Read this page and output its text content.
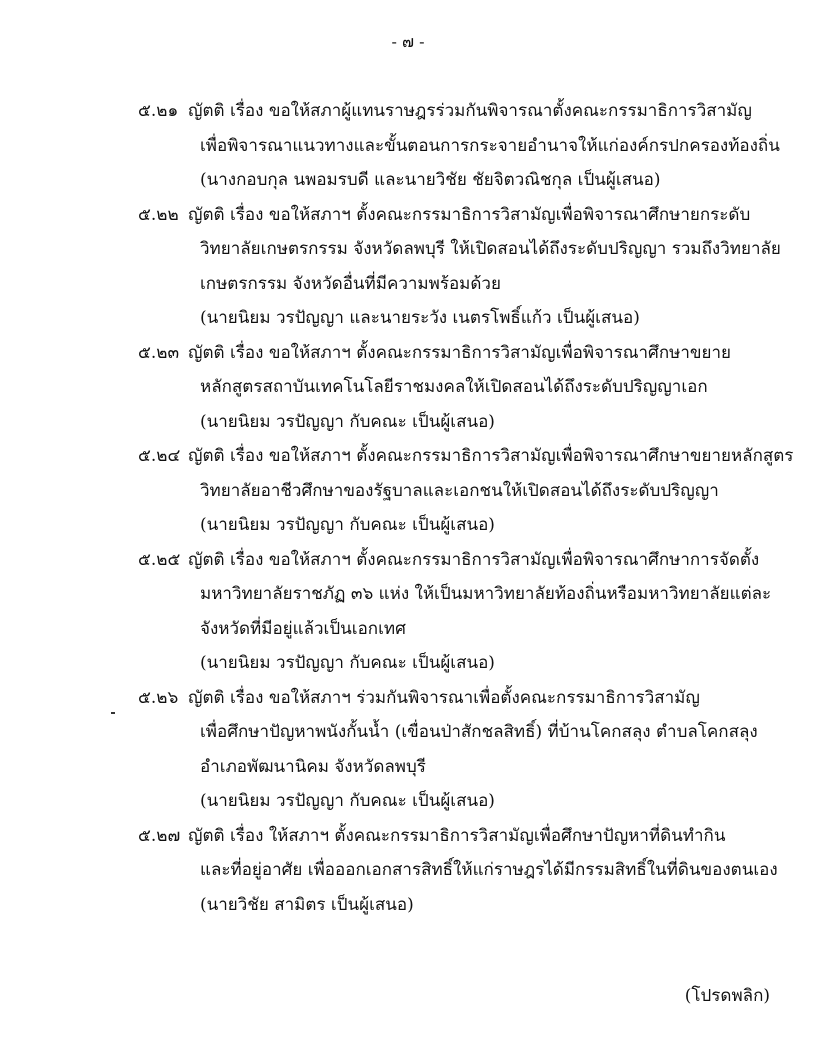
- ๗ -
๕.๒๑ ญัตติ เรื่อง ขอให้สภาผู้แทนราษฎรร่วมกันพิจารณาตั้งคณะกรรมาธิการวิสามัญ
เพื่อพิจารณาแนวทางและขั้นตอนการกระจายอำนาจให้แก่องค์กรปกครองท้องถิ่น
(นางกอบกุล นพอมรบดี และนายวิชัย ชัยจิตวณิชกุล เป็นผู้เสนอ)
๕.๒๒ ญัตติ เรื่อง ขอให้สภาฯ ตั้งคณะกรรมาธิการวิสามัญเพื่อพิจารณาศึกษายกระดับ
วิทยาลัยเกษตรกรรม จังหวัดลพบุรี ให้เปิดสอนได้ถึงระดับปริญญา รวมถึงวิทยาลัย
เกษตรกรรม จังหวัดอื่นที่มีความพร้อมด้วย
(นายนิยม วรปัญญา และนายระวัง เนตรโพธิ์แก้ว เป็นผู้เสนอ)
๕.๒๓ ญัตติ เรื่อง ขอให้สภาฯ ตั้งคณะกรรมาธิการวิสามัญเพื่อพิจารณาศึกษาขยาย
หลักสูตรสถาบันเทคโนโลยีราชมงคลให้เปิดสอนได้ถึงระดับปริญญาเอก
(นายนิยม วรปัญญา กับคณะ เป็นผู้เสนอ)
๕.๒๔ ญัตติ เรื่อง ขอให้สภาฯ ตั้งคณะกรรมาธิการวิสามัญเพื่อพิจารณาศึกษาขยายหลักสูตร
วิทยาลัยอาชีวศึกษาของรัฐบาลและเอกชนให้เปิดสอนได้ถึงระดับปริญญา
(นายนิยม วรปัญญา กับคณะ เป็นผู้เสนอ)
๕.๒๕ ญัตติ เรื่อง ขอให้สภาฯ ตั้งคณะกรรมาธิการวิสามัญเพื่อพิจารณาศึกษาการจัดตั้ง
มหาวิทยาลัยราชภัฏ ๓๖ แห่ง ให้เป็นมหาวิทยาลัยท้องถิ่นหรือมหาวิทยาลัยแต่ละ
จังหวัดที่มีอยู่แล้วเป็นเอกเทศ
(นายนิยม วรปัญญา กับคณะ เป็นผู้เสนอ)
๕.๒๖ ญัตติ เรื่อง ขอให้สภาฯ ร่วมกันพิจารณาเพื่อตั้งคณะกรรมาธิการวิสามัญ
เพื่อศึกษาปัญหาพนังกั้นน้ำ (เขื่อนป่าสักชลสิทธิ์) ที่บ้านโคกสลุง ตำบลโคกสลุง
อำเภอพัฒนานิคม จังหวัดลพบุรี
(นายนิยม วรปัญญา กับคณะ เป็นผู้เสนอ)
๕.๒๗ ญัตติ เรื่อง ให้สภาฯ ตั้งคณะกรรมาธิการวิสามัญเพื่อศึกษาปัญหาที่ดินทำกิน
และที่อยู่อาศัย เพื่อออกเอกสารสิทธิ์ให้แก่ราษฎรได้มีกรรมสิทธิ์ในที่ดินของตนเอง
(นายวิชัย สามิตร เป็นผู้เสนอ)
(โปรดพลิก)
